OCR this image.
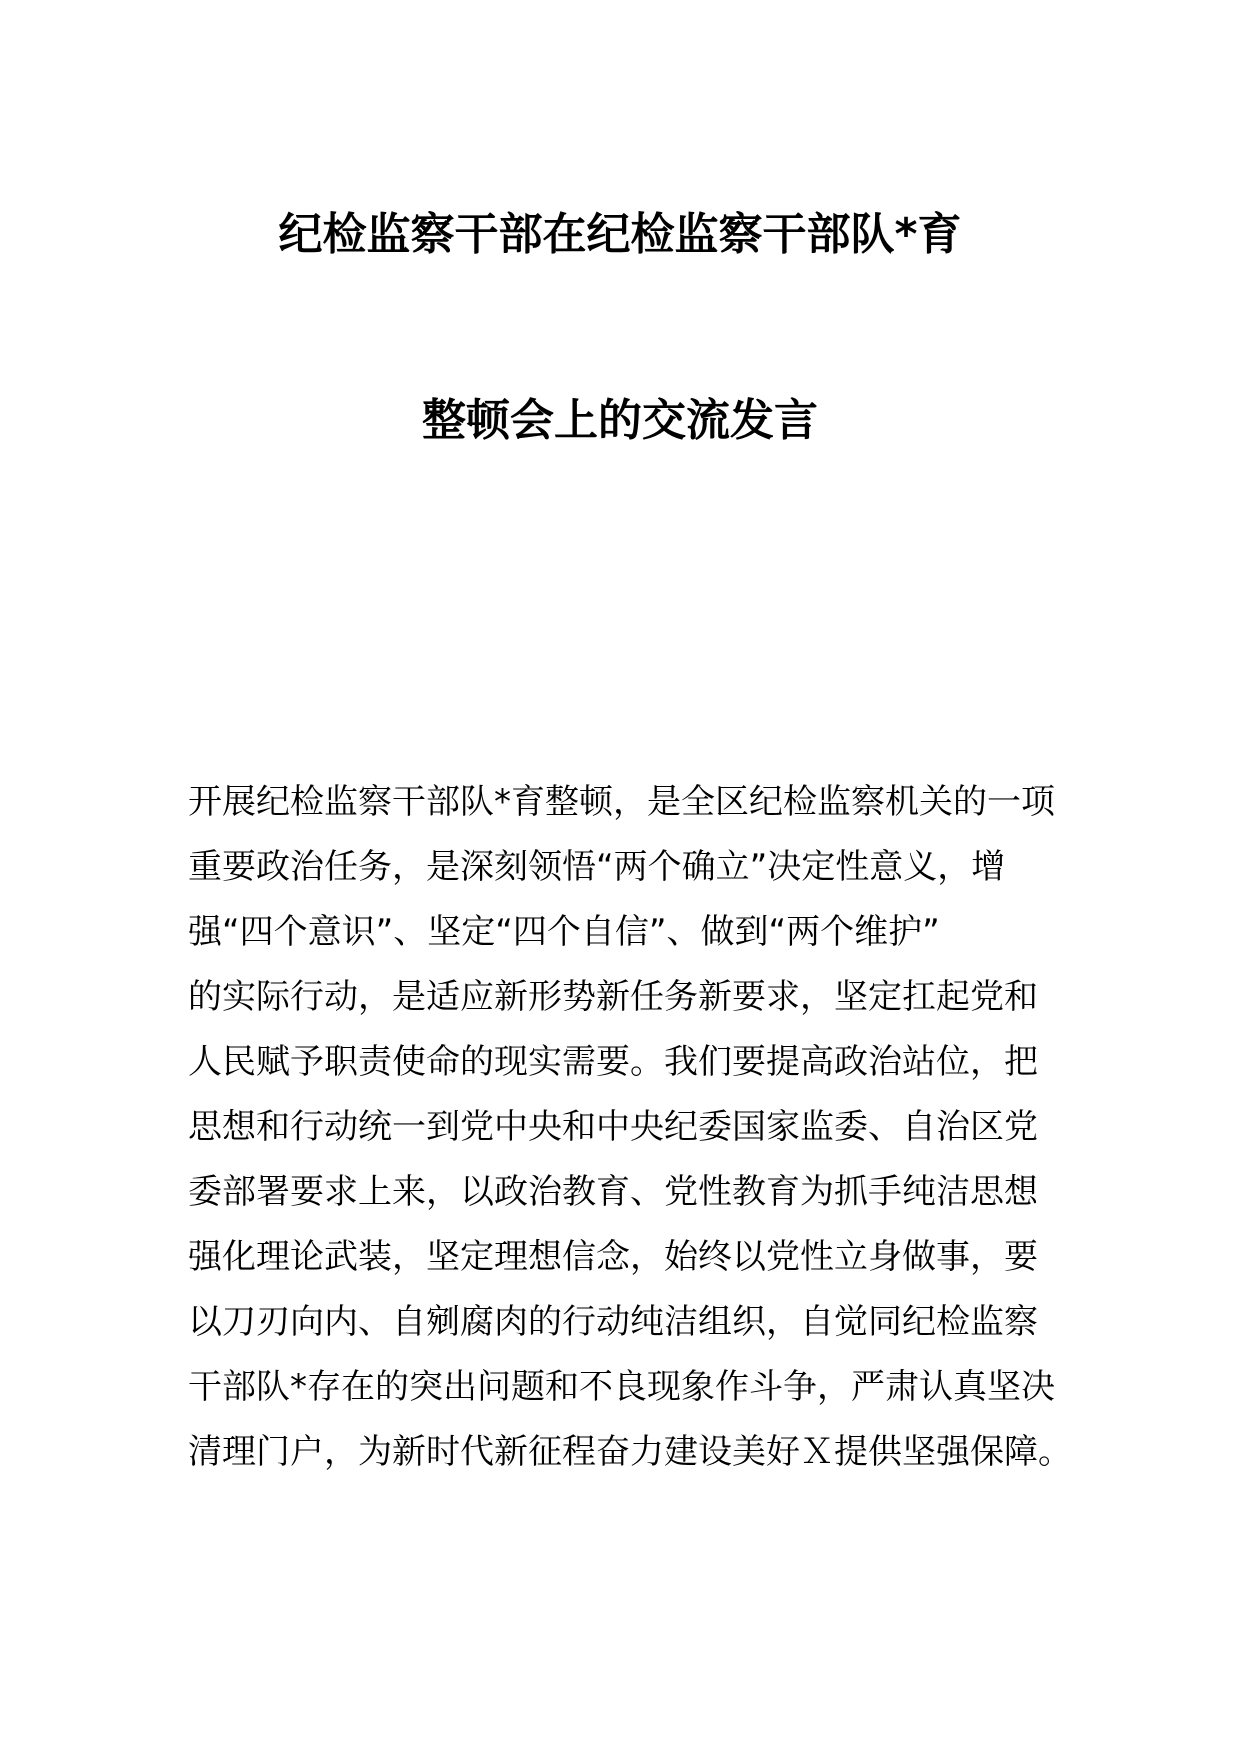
纪检监察干部在纪检监察干部队*育
整顿会上的交流发言
开展纪检监察干部队*育整顿，是全区纪检监察机关的一项
重要政治任务，是深刻领悟“两个确立”决定性意义，增
强“四个意识”、坚定“四个自信”、做到“两个维护”
的实际行动，是适应新形势新任务新要求，坚定扛起党和
人民赋予职责使命的现实需要。我们要提高政治站位，把
思想和行动统一到党中央和中央纪委国家监委、自治区党
委部署要求上来，以政治教育、党性教育为抓手纯洁思想
强化理论武装，坚定理想信念，始终以党性立身做事，要
以刀刃向内、自剜腐肉的行动纯洁组织，自觉同纪检监察
干部队*存在的突出问题和不良现象作斗争，严肃认真坚决
清理门户，为新时代新征程奋力建设美好Ｘ提供坚强保障。
